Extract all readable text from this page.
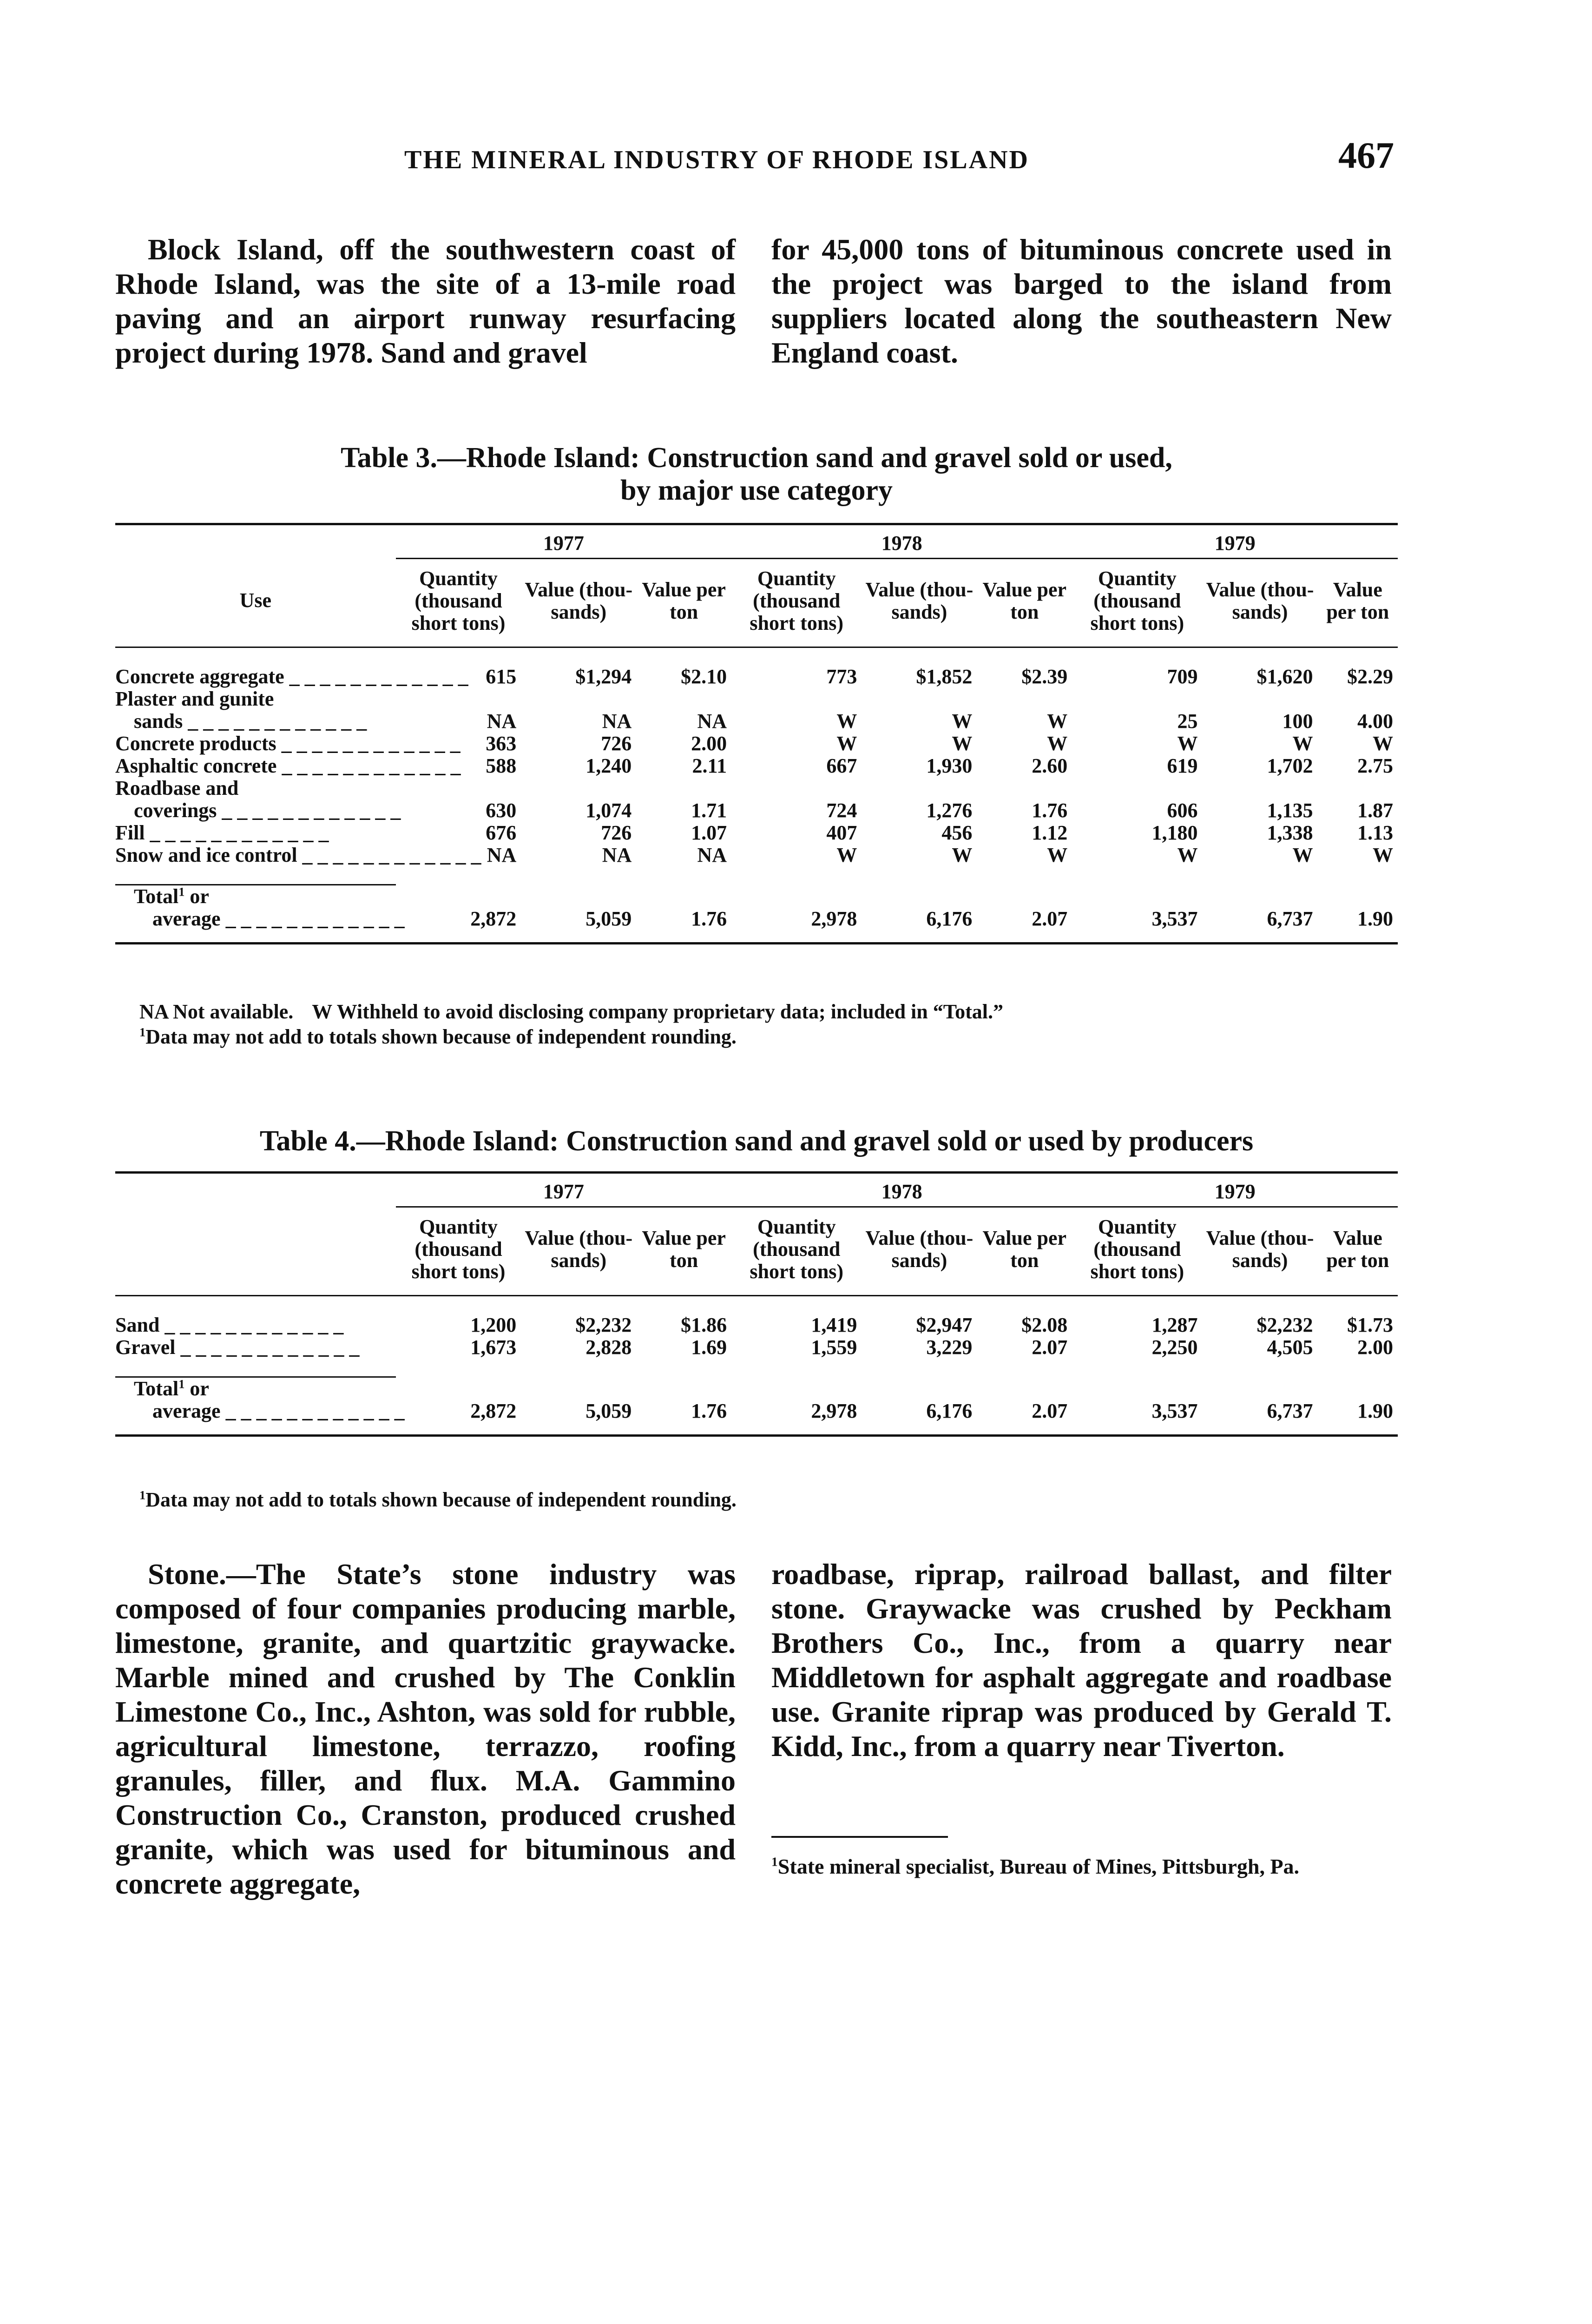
THE MINERAL INDUSTRY OF RHODE ISLAND	467

Block Island, off the southwestern coast of Rhode Island, was the site of a 13-mile road paving and an airport runway resurfacing project during 1978. Sand and gravel

for 45,000 tons of bituminous concrete used in the project was barged to the island from suppliers located along the southeastern New England coast.

Table 3.—Rhode Island: Construction sand and gravel sold or used,
by major use category

	1977			1978			1979		
Use	Quantity (thousand short tons)	Value (thou-sands)	Value per ton	Quantity (thousand short tons)	Value (thou-sands)	Value per ton	Quantity (thousand short tons)	Value (thou-sands)	Value per ton

Concrete aggregate _ _ _ _ _ _ _ _ _ _ _ _	615	$1,294	$2.10	773	$1,852	$2.39	709	$1,620	$2.29
Plaster and gunite									
sands _ _ _ _ _ _ _ _ _ _ _ _	NA	NA	NA	W	W	W	25	100	4.00
Concrete products _ _ _ _ _ _ _ _ _ _ _ _	363	726	2.00	W	W	W	W	W	W
Asphaltic concrete _ _ _ _ _ _ _ _ _ _ _ _	588	1,240	2.11	667	1,930	2.60	619	1,702	2.75
Roadbase and									
coverings _ _ _ _ _ _ _ _ _ _ _ _	630	1,074	1.71	724	1,276	1.76	606	1,135	1.87
Fill _ _ _ _ _ _ _ _ _ _ _ _	676	726	1.07	407	456	1.12	1,180	1,338	1.13
Snow and ice control _ _ _ _ _ _ _ _ _ _ _ _	NA	NA	NA	W	W	W	W	W	W

Total$^1$ or									
average _ _ _ _ _ _ _ _ _ _ _ _	2,872	5,059	1.76	2,978	6,176	2.07	3,537	6,737	1.90

NA Not available. W Withheld to avoid disclosing company proprietary data; included in “Total.”
$^1$Data may not add to totals shown because of independent rounding.
Table 4.—Rhode Island: Construction sand and gravel sold or used by producers

	1977			1978			1979		
	Quantity (thousand short tons)	Value (thou-sands)	Value per ton	Quantity (thousand short tons)	Value (thou-sands)	Value per ton	Quantity (thousand short tons)	Value (thou-sands)	Value per ton

Sand _ _ _ _ _ _ _ _ _ _ _ _	1,200	$2,232	$1.86	1,419	$2,947	$2.08	1,287	$2,232	$1.73
Gravel _ _ _ _ _ _ _ _ _ _ _ _	1,673	2,828	1.69	1,559	3,229	2.07	2,250	4,505	2.00

Total$^1$ or									
average _ _ _ _ _ _ _ _ _ _ _ _	2,872	5,059	1.76	2,978	6,176	2.07	3,537	6,737	1.90

$^1$Data may not add to totals shown because of independent rounding.

Stone.—The State’s stone industry was composed of four companies producing marble, limestone, granite, and quartzitic graywacke. Marble mined and crushed by The Conklin Limestone Co., Inc., Ashton, was sold for rubble, agricultural limestone, terrazzo, roofing granules, filler, and flux. M.A. Gammino Construction Co., Cranston, produced crushed granite, which was used for bituminous and concrete aggregate,

roadbase, riprap, railroad ballast, and filter stone. Graywacke was crushed by Peckham Brothers Co., Inc., from a quarry near Middletown for asphalt aggregate and roadbase use. Granite riprap was produced by Gerald T. Kidd, Inc., from a quarry near Tiverton.

$^1$State mineral specialist, Bureau of Mines, Pittsburgh, Pa.
